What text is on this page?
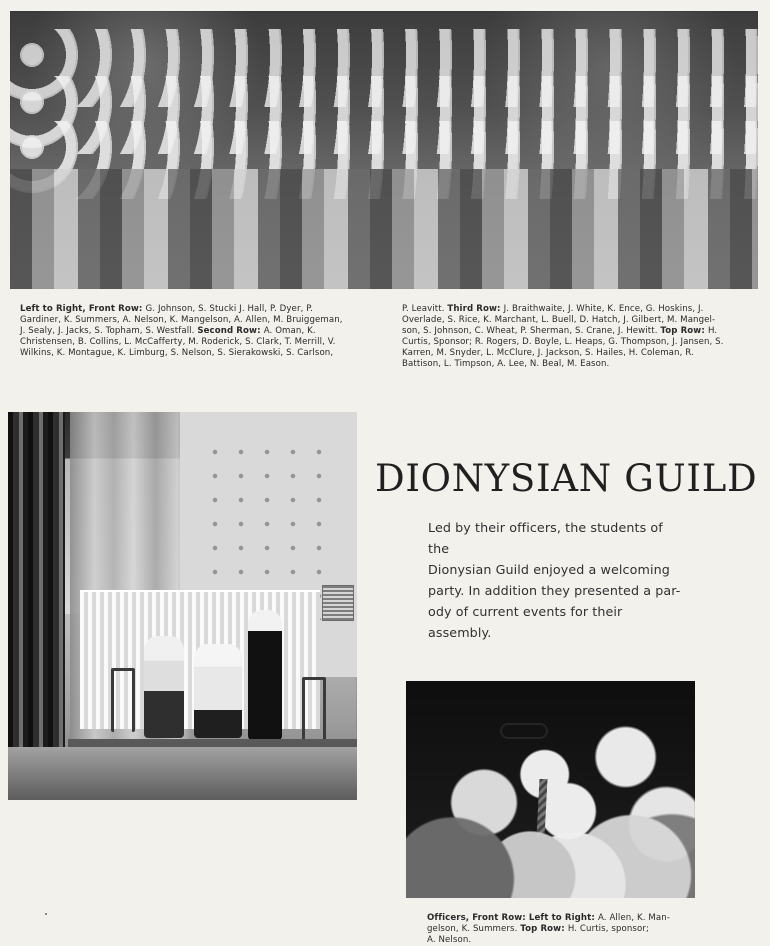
Left to Right, Front Row: G. Johnson, S. Stucki J. Hall, P. Dyer, P.
Gardiner, K. Summers, A. Nelson, K. Mangelson, A. Allen, M. Bruiggeman,
J. Sealy, J. Jacks, S. Topham, S. Westfall. Second Row: A. Oman, K.
Christensen, B. Collins, L. McCafferty, M. Roderick, S. Clark, T. Merrill, V.
Wilkins, K. Montague, K. Limburg, S. Nelson, S. Sierakowski, S. Carlson,

P. Leavitt. Third Row: J. Braithwaite, J. White, K. Ence, G. Hoskins, J.
Overlade, S. Rice, K. Marchant, L. Buell, D. Hatch, J. Gilbert, M. Mangel-
son, S. Johnson, C. Wheat, P. Sherman, S. Crane, J. Hewitt. Top Row: H.
Curtis, Sponsor; R. Rogers, D. Boyle, L. Heaps, G. Thompson, J. Jansen, S.
Karren, M. Snyder, L. McClure, J. Jackson, S. Hailes, H. Coleman, R.
Battison, L. Timpson, A. Lee, N. Beal, M. Eason.

DIONYSIAN GUILD
Led by their officers, the students of the
Dionysian Guild enjoyed a welcoming
party. In addition they presented a par-
ody of current events for their assembly.

Officers, Front Row: Left to Right: A. Allen, K. Man-
gelson, K. Summers. Top Row: H. Curtis, sponsor;
A. Nelson.
